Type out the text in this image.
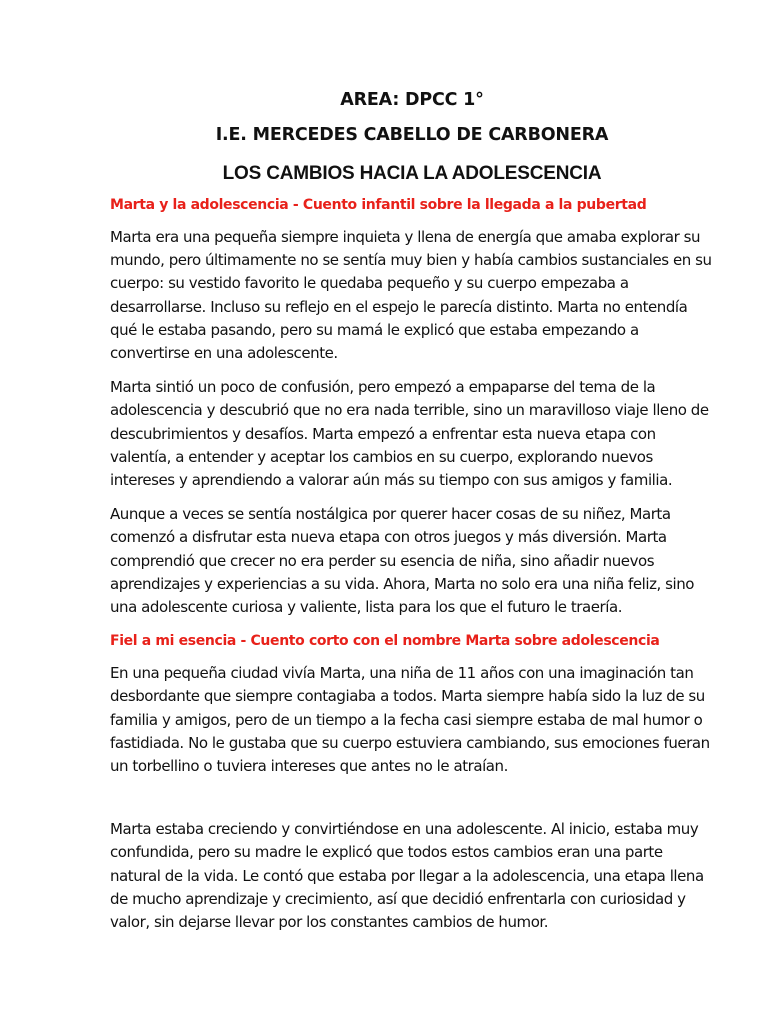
AREA: DPCC 1°
I.E. MERCEDES CABELLO DE CARBONERA
LOS CAMBIOS HACIA LA ADOLESCENCIA
Marta y la adolescencia - Cuento infantil sobre la llegada a la pubertad

Marta era una pequeña siempre inquieta y llena de energía que amaba explorar su mundo, pero últimamente no se sentía muy bien y había cambios sustanciales en su cuerpo: su vestido favorito le quedaba pequeño y su cuerpo empezaba a desarrollarse. Incluso su reflejo en el espejo le parecía distinto. Marta no entendía qué le estaba pasando, pero su mamá le explicó que estaba empezando a convertirse en una adolescente.

Marta sintió un poco de confusión, pero empezó a empaparse del tema de la adolescencia y descubrió que no era nada terrible, sino un maravilloso viaje lleno de descubrimientos y desafíos. Marta empezó a enfrentar esta nueva etapa con valentía, a entender y aceptar los cambios en su cuerpo, explorando nuevos intereses y aprendiendo a valorar aún más su tiempo con sus amigos y familia.

Aunque a veces se sentía nostálgica por querer hacer cosas de su niñez, Marta comenzó a disfrutar esta nueva etapa con otros juegos y más diversión. Marta comprendió que crecer no era perder su esencia de niña, sino añadir nuevos aprendizajes y experiencias a su vida. Ahora, Marta no solo era una niña feliz, sino una adolescente curiosa y valiente, lista para los que el futuro le traería.

Fiel a mi esencia - Cuento corto con el nombre Marta sobre adolescencia

En una pequeña ciudad vivía Marta, una niña de 11 años con una imaginación tan desbordante que siempre contagiaba a todos. Marta siempre había sido la luz de su familia y amigos, pero de un tiempo a la fecha casi siempre estaba de mal humor o fastidiada. No le gustaba que su cuerpo estuviera cambiando, sus emociones fueran un torbellino o tuviera intereses que antes no le atraían.

Marta estaba creciendo y convirtiéndose en una adolescente. Al inicio, estaba muy confundida, pero su madre le explicó que todos estos cambios eran una parte natural de la vida. Le contó que estaba por llegar a la adolescencia, una etapa llena de mucho aprendizaje y crecimiento, así que decidió enfrentarla con curiosidad y valor, sin dejarse llevar por los constantes cambios de humor.
